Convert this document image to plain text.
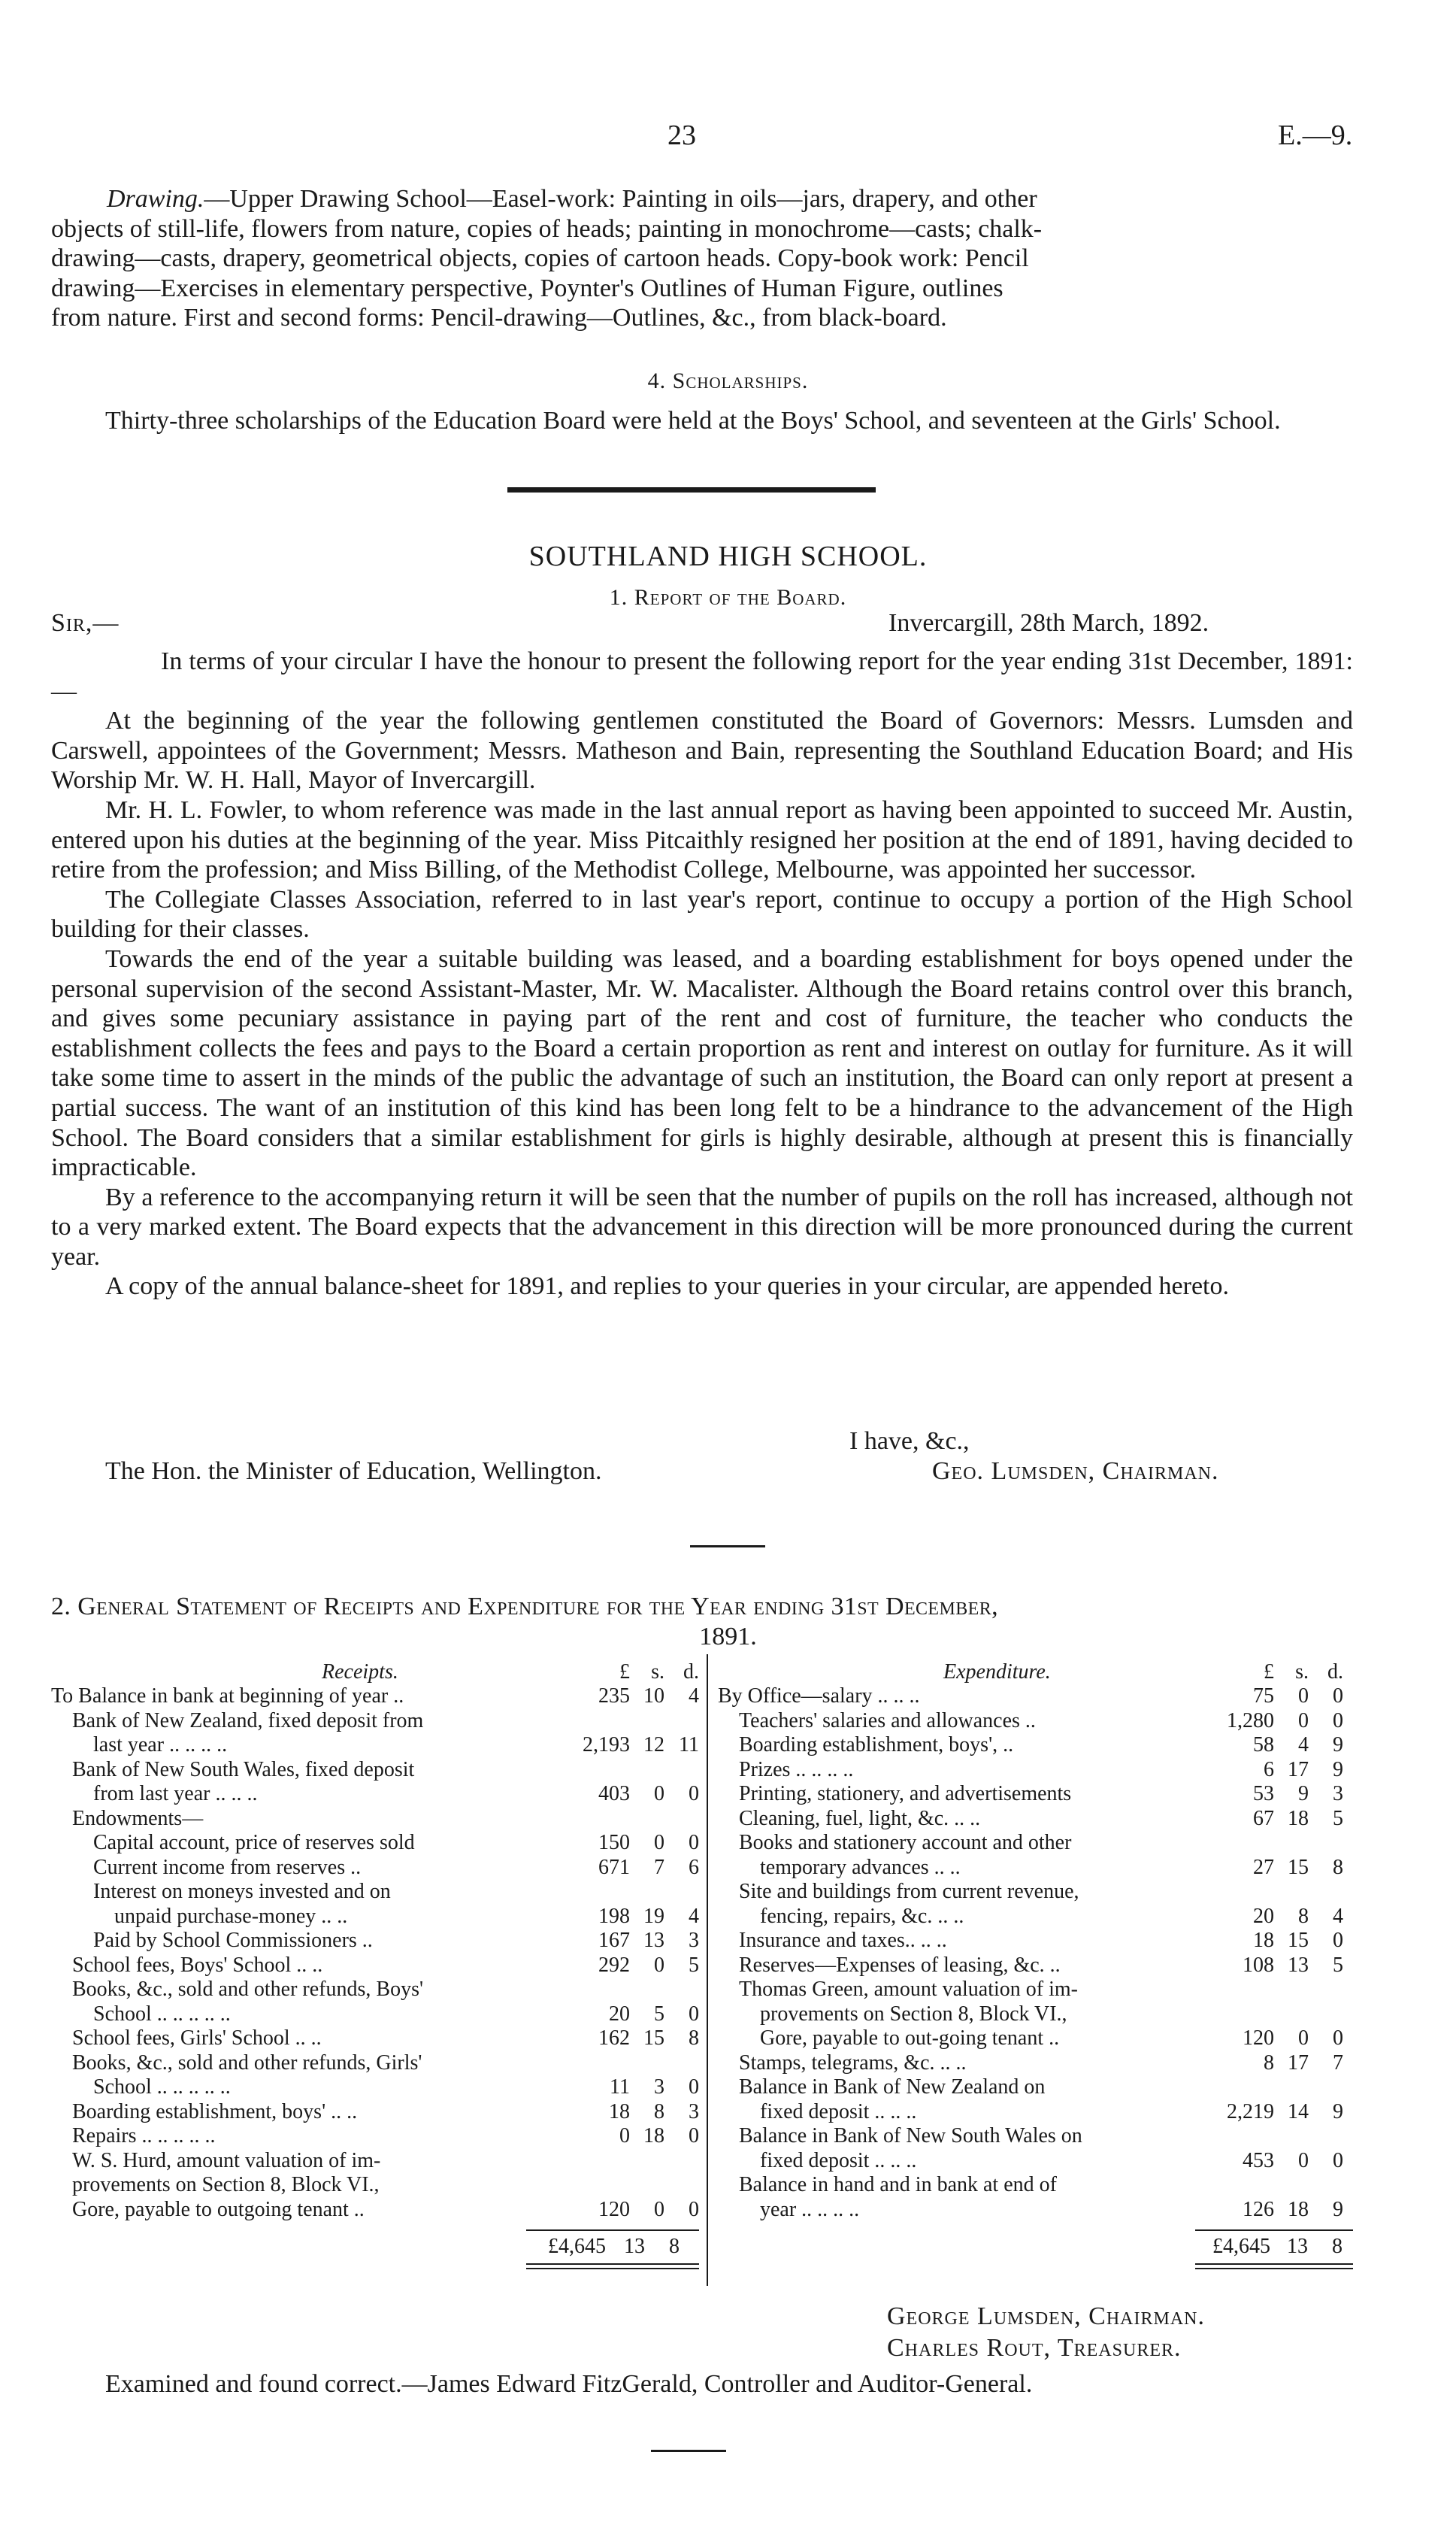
23	E.—9.
Drawing.—Upper Drawing School—Easel-work: Painting in oils—jars, drapery, and other
objects of still-life, flowers from nature, copies of heads; painting in monochrome—casts; chalk-
drawing—casts, drapery, geometrical objects, copies of cartoon heads. Copy-book work: Pencil
drawing—Exercises in elementary perspective, Poynter's Outlines of Human Figure, outlines
from nature. First and second forms: Pencil-drawing—Outlines, &c., from black-board.
4. Scholarships.
Thirty-three scholarships of the Education Board were held at the Boys' School, and seventeen at the Girls' School.
SOUTHLAND HIGH SCHOOL.
1. Report of the Board.
Sir,—	Invercargill, 28th March, 1892.
In terms of your circular I have the honour to present the following report for the year ending 31st December, 1891:—
At the beginning of the year the following gentlemen constituted the Board of Governors: Messrs. Lumsden and Carswell, appointees of the Government; Messrs. Matheson and Bain, representing the Southland Education Board; and His Worship Mr. W. H. Hall, Mayor of Invercargill.
Mr. H. L. Fowler, to whom reference was made in the last annual report as having been appointed to succeed Mr. Austin, entered upon his duties at the beginning of the year. Miss Pitcaithly resigned her position at the end of 1891, having decided to retire from the profession; and Miss Billing, of the Methodist College, Melbourne, was appointed her successor.
The Collegiate Classes Association, referred to in last year's report, continue to occupy a portion of the High School building for their classes.
Towards the end of the year a suitable building was leased, and a boarding establishment for boys opened under the personal supervision of the second Assistant-Master, Mr. W. Macalister. Although the Board retains control over this branch, and gives some pecuniary assistance in paying part of the rent and cost of furniture, the teacher who conducts the establishment collects the fees and pays to the Board a certain proportion as rent and interest on outlay for furniture. As it will take some time to assert in the minds of the public the advantage of such an institution, the Board can only report at present a partial success. The want of an institution of this kind has been long felt to be a hindrance to the advancement of the High School. The Board considers that a similar establishment for girls is highly desirable, although at present this is financially impracticable.
By a reference to the accompanying return it will be seen that the number of pupils on the roll has increased, although not to a very marked extent. The Board expects that the advancement in this direction will be more pronounced during the current year.
A copy of the annual balance-sheet for 1891, and replies to your queries in your circular, are appended hereto.
I have, &c.,
The Hon. the Minister of Education, Wellington.	Geo. Lumsden, Chairman.
2. General Statement of Receipts and Expenditure for the Year ending 31st December,
1891.
Receipts.	£	s. d.
To Balance in bank at beginning of year ..	235 10	4
Bank of New Zealand, fixed deposit from
last year .. .. .. ..	2,193 12 11
Bank of New South Wales, fixed deposit
from last year .. .. ..	403	0	0
Endowments—
Capital account, price of reserves sold	150	0	0
Current income from reserves ..	671	7	6
Interest on moneys invested and on
unpaid purchase-money .. ..	198 19	4
Paid by School Commissioners ..	167 13	3
School fees, Boys' School .. ..	292	0	5
Books, &c., sold and other refunds, Boys'
School .. .. .. .. ..	20	5	0
School fees, Girls' School .. ..	162 15	8
Books, &c., sold and other refunds, Girls'
School .. .. .. .. ..	11	3	0
Boarding establishment, boys' .. ..	18	8	3
Repairs .. .. .. .. ..	0 18	0
W. S. Hurd, amount valuation of im-
provements on Section 8, Block VI.,
Gore, payable to outgoing tenant ..	120	0	0
Expenditure.	£	s. d.
By Office—salary .. .. ..	75	0	0
Teachers' salaries and allowances ..	1,280	0	0
Boarding establishment, boys', ..	58	4	9
Prizes .. .. .. ..	6 17	9
Printing, stationery, and advertisements	53	9	3
Cleaning, fuel, light, &c. .. ..	67 18	5
Books and stationery account and other
temporary advances .. ..	27 15	8
Site and buildings from current revenue,
fencing, repairs, &c. .. ..	20	8	4
Insurance and taxes.. .. ..	18 15	0
Reserves—Expenses of leasing, &c. ..	108 13	5
Thomas Green, amount valuation of im-
provements on Section 8, Block VI.,
Gore, payable to out-going tenant ..	120	0	0
Stamps, telegrams, &c. .. ..	8 17	7
Balance in Bank of New Zealand on
fixed deposit .. .. ..	2,219 14	9
Balance in Bank of New South Wales on
fixed deposit .. .. ..	453	0	0
Balance in hand and in bank at end of
year .. .. .. ..	126 18	9
£4,645 13	8	£4,645 13	8
George Lumsden, Chairman.
Charles Rout, Treasurer.
Examined and found correct.—James Edward FitzGerald, Controller and Auditor-General.
